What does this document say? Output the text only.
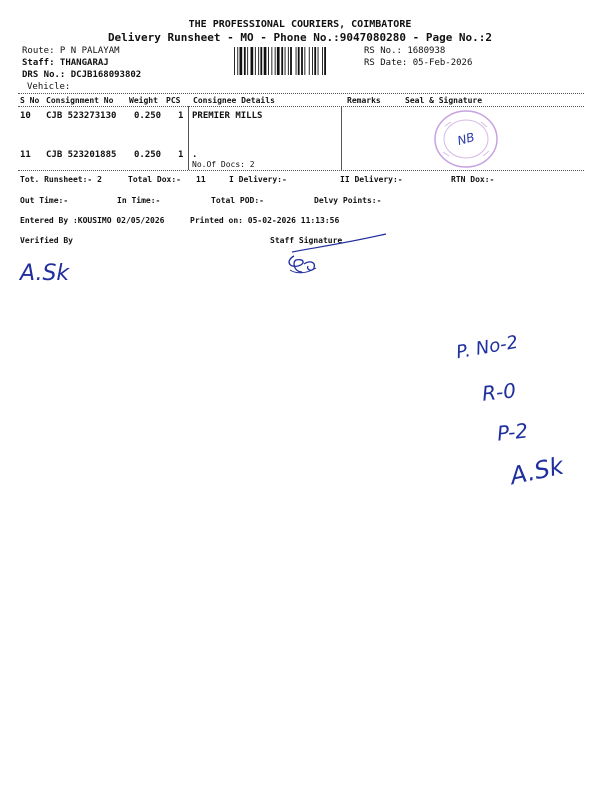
THE PROFESSIONAL COURIERS, COIMBATORE
Delivery Runsheet - MO - Phone No.:9047080280 - Page No.:2
Route: P N PALAYAM
Staff: THANGARAJ
DRS No.: DCJB168093802
Vehicle:
RS No.: 1680938
RS Date: 05-Feb-2026
S No Consignment No Weight PCS Consignee Details	Remarks	Seal & Signature
10 CJB 523273130 0.250 1 PREMIER MILLS
11 CJB 523201885 0.250 1 .
No.Of Docs: 2
NB
Tot. Runsheet:- 2	Total Dox:- 11	I Delivery:-	II Delivery:-	RTN Dox:-
Out Time:-	In Time:-	Total POD:-	Delvy Points:-
Entered By :KOUSIMO 02/05/2026	Printed on: 05-02-2026 11:13:56
Verified By	Staff Signature
A.Sk
P. No-2
R-0
P-2
A.Sk
